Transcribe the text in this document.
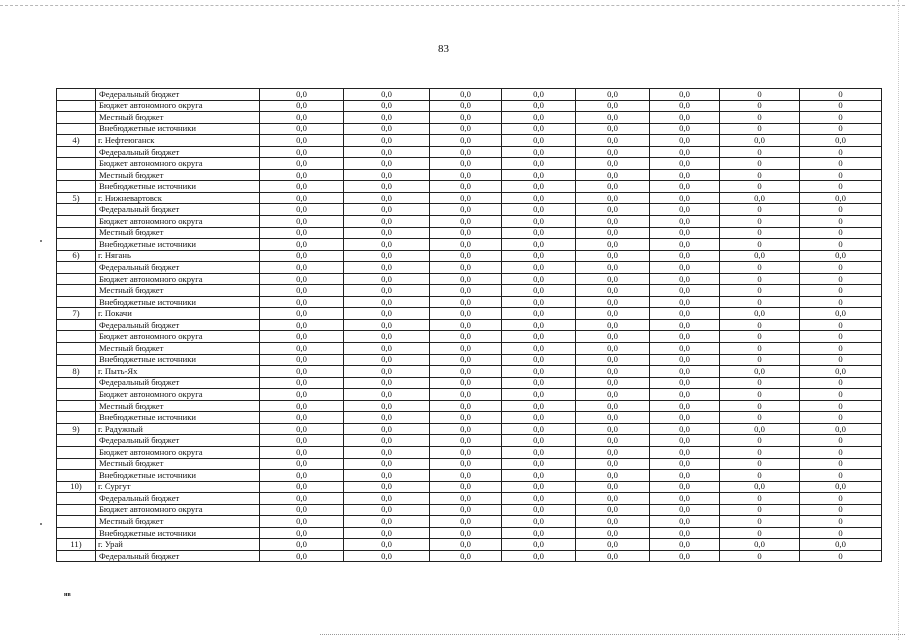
83
	Федеральный бюджет	0,0	0,0	0,0	0,0	0,0	0,0	0	0
	Бюджет автономного округа	0,0	0,0	0,0	0,0	0,0	0,0	0	0
	Местный бюджет	0,0	0,0	0,0	0,0	0,0	0,0	0	0
	Внебюджетные источники	0,0	0,0	0,0	0,0	0,0	0,0	0	0
4)	г. Нефтеюганск	0,0	0,0	0,0	0,0	0,0	0,0	0,0	0,0
	Федеральный бюджет	0,0	0,0	0,0	0,0	0,0	0,0	0	0
	Бюджет автономного округа	0,0	0,0	0,0	0,0	0,0	0,0	0	0
	Местный бюджет	0,0	0,0	0,0	0,0	0,0	0,0	0	0
	Внебюджетные источники	0,0	0,0	0,0	0,0	0,0	0,0	0	0
5)	г. Нижневартовск	0,0	0,0	0,0	0,0	0,0	0,0	0,0	0,0
	Федеральный бюджет	0,0	0,0	0,0	0,0	0,0	0,0	0	0
	Бюджет автономного округа	0,0	0,0	0,0	0,0	0,0	0,0	0	0
	Местный бюджет	0,0	0,0	0,0	0,0	0,0	0,0	0	0
	Внебюджетные источники	0,0	0,0	0,0	0,0	0,0	0,0	0	0
6)	г. Нягань	0,0	0,0	0,0	0,0	0,0	0,0	0,0	0,0
	Федеральный бюджет	0,0	0,0	0,0	0,0	0,0	0,0	0	0
	Бюджет автономного округа	0,0	0,0	0,0	0,0	0,0	0,0	0	0
	Местный бюджет	0,0	0,0	0,0	0,0	0,0	0,0	0	0
	Внебюджетные источники	0,0	0,0	0,0	0,0	0,0	0,0	0	0
7)	г. Покачи	0,0	0,0	0,0	0,0	0,0	0,0	0,0	0,0
	Федеральный бюджет	0,0	0,0	0,0	0,0	0,0	0,0	0	0
	Бюджет автономного округа	0,0	0,0	0,0	0,0	0,0	0,0	0	0
	Местный бюджет	0,0	0,0	0,0	0,0	0,0	0,0	0	0
	Внебюджетные источники	0,0	0,0	0,0	0,0	0,0	0,0	0	0
8)	г. Пыть-Ях	0,0	0,0	0,0	0,0	0,0	0,0	0,0	0,0
	Федеральный бюджет	0,0	0,0	0,0	0,0	0,0	0,0	0	0
	Бюджет автономного округа	0,0	0,0	0,0	0,0	0,0	0,0	0	0
	Местный бюджет	0,0	0,0	0,0	0,0	0,0	0,0	0	0
	Внебюджетные источники	0,0	0,0	0,0	0,0	0,0	0,0	0	0
9)	г. Радужный	0,0	0,0	0,0	0,0	0,0	0,0	0,0	0,0
	Федеральный бюджет	0,0	0,0	0,0	0,0	0,0	0,0	0	0
	Бюджет автономного округа	0,0	0,0	0,0	0,0	0,0	0,0	0	0
	Местный бюджет	0,0	0,0	0,0	0,0	0,0	0,0	0	0
	Внебюджетные источники	0,0	0,0	0,0	0,0	0,0	0,0	0	0
10)	г. Сургут	0,0	0,0	0,0	0,0	0,0	0,0	0,0	0,0
	Федеральный бюджет	0,0	0,0	0,0	0,0	0,0	0,0	0	0
	Бюджет автономного округа	0,0	0,0	0,0	0,0	0,0	0,0	0	0
	Местный бюджет	0,0	0,0	0,0	0,0	0,0	0,0	0	0
	Внебюджетные источники	0,0	0,0	0,0	0,0	0,0	0,0	0	0
11)	г. Урай	0,0	0,0	0,0	0,0	0,0	0,0	0,0	0,0
	Федеральный бюджет	0,0	0,0	0,0	0,0	0,0	0,0	0	0
нв
